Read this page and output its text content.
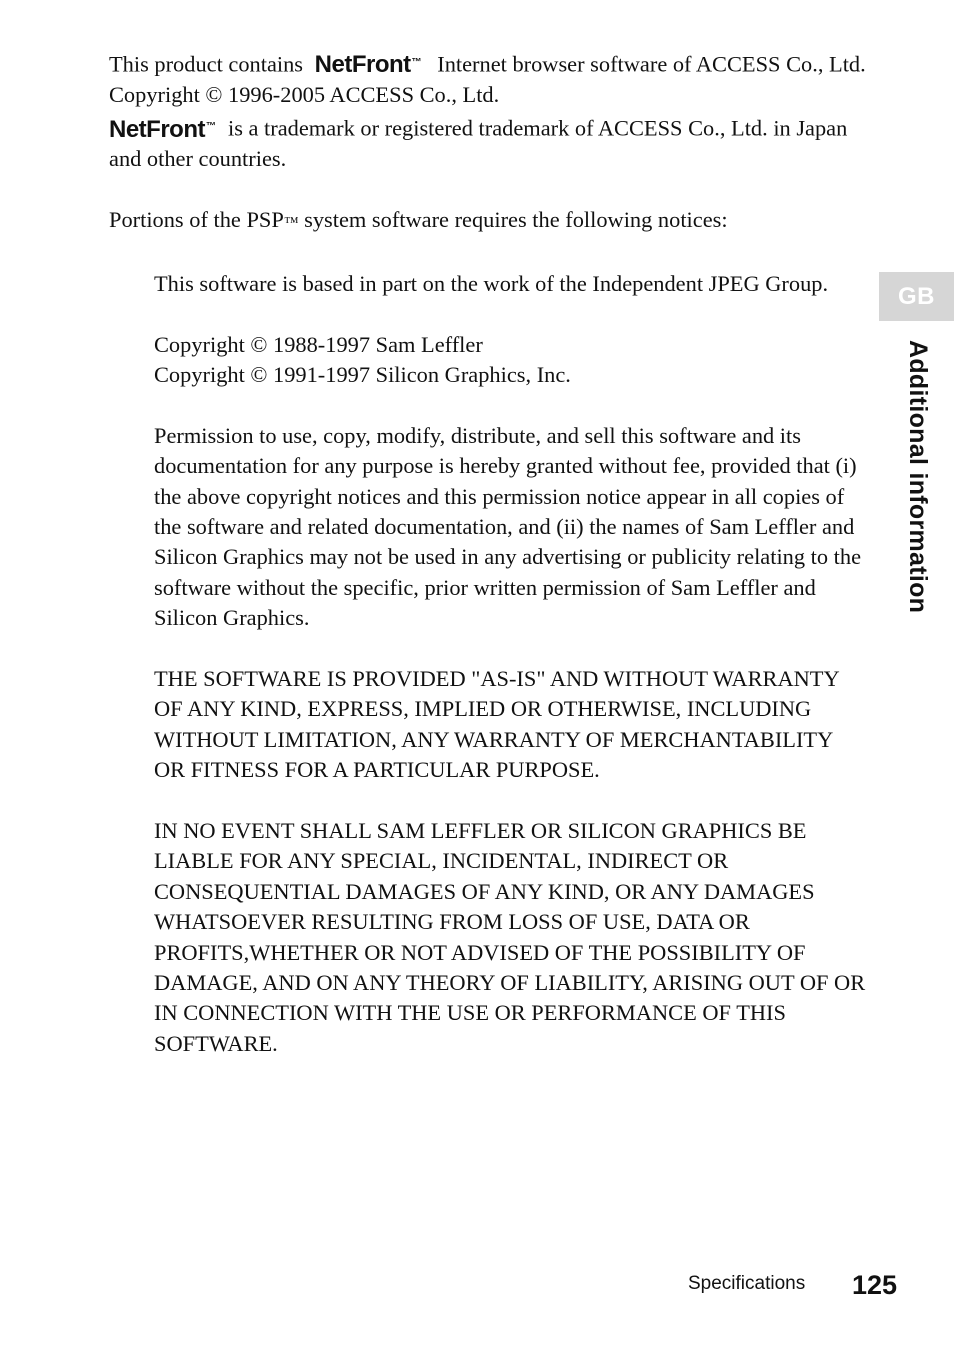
This product contains NetFront™ Internet browser software of ACCESS Co., Ltd.

Copyright © 1996-2005 ACCESS Co., Ltd.

NetFront™ is a trademark or registered trademark of ACCESS Co., Ltd. in Japan and other countries.

Portions of the PSP™ system software requires the following notices:

This software is based in part on the work of the Independent JPEG Group.

Copyright © 1988-1997 Sam Leffler

Copyright © 1991-1997 Silicon Graphics, Inc.

Permission to use, copy, modify, distribute, and sell this software and its documentation for any purpose is hereby granted without fee, provided that (i) the above copyright notices and this permission notice appear in all copies of the software and related documentation, and (ii) the names of Sam Leffler and Silicon Graphics may not be used in any advertising or publicity relating to the software without the specific, prior written permission of Sam Leffler and Silicon Graphics.

THE SOFTWARE IS PROVIDED "AS-IS" AND WITHOUT WARRANTY OF ANY KIND, EXPRESS, IMPLIED OR OTHERWISE, INCLUDING WITHOUT LIMITATION, ANY WARRANTY OF MERCHANTABILITY OR FITNESS FOR A PARTICULAR PURPOSE.

IN NO EVENT SHALL SAM LEFFLER OR SILICON GRAPHICS BE LIABLE FOR ANY SPECIAL, INCIDENTAL, INDIRECT OR CONSEQUENTIAL DAMAGES OF ANY KIND, OR ANY DAMAGES WHATSOEVER RESULTING FROM LOSS OF USE, DATA OR PROFITS,WHETHER OR NOT ADVISED OF THE POSSIBILITY OF DAMAGE, AND ON ANY THEORY OF LIABILITY, ARISING OUT OF OR IN CONNECTION WITH THE USE OR PERFORMANCE OF THIS SOFTWARE.

GB
Additional information
Specifications 125
